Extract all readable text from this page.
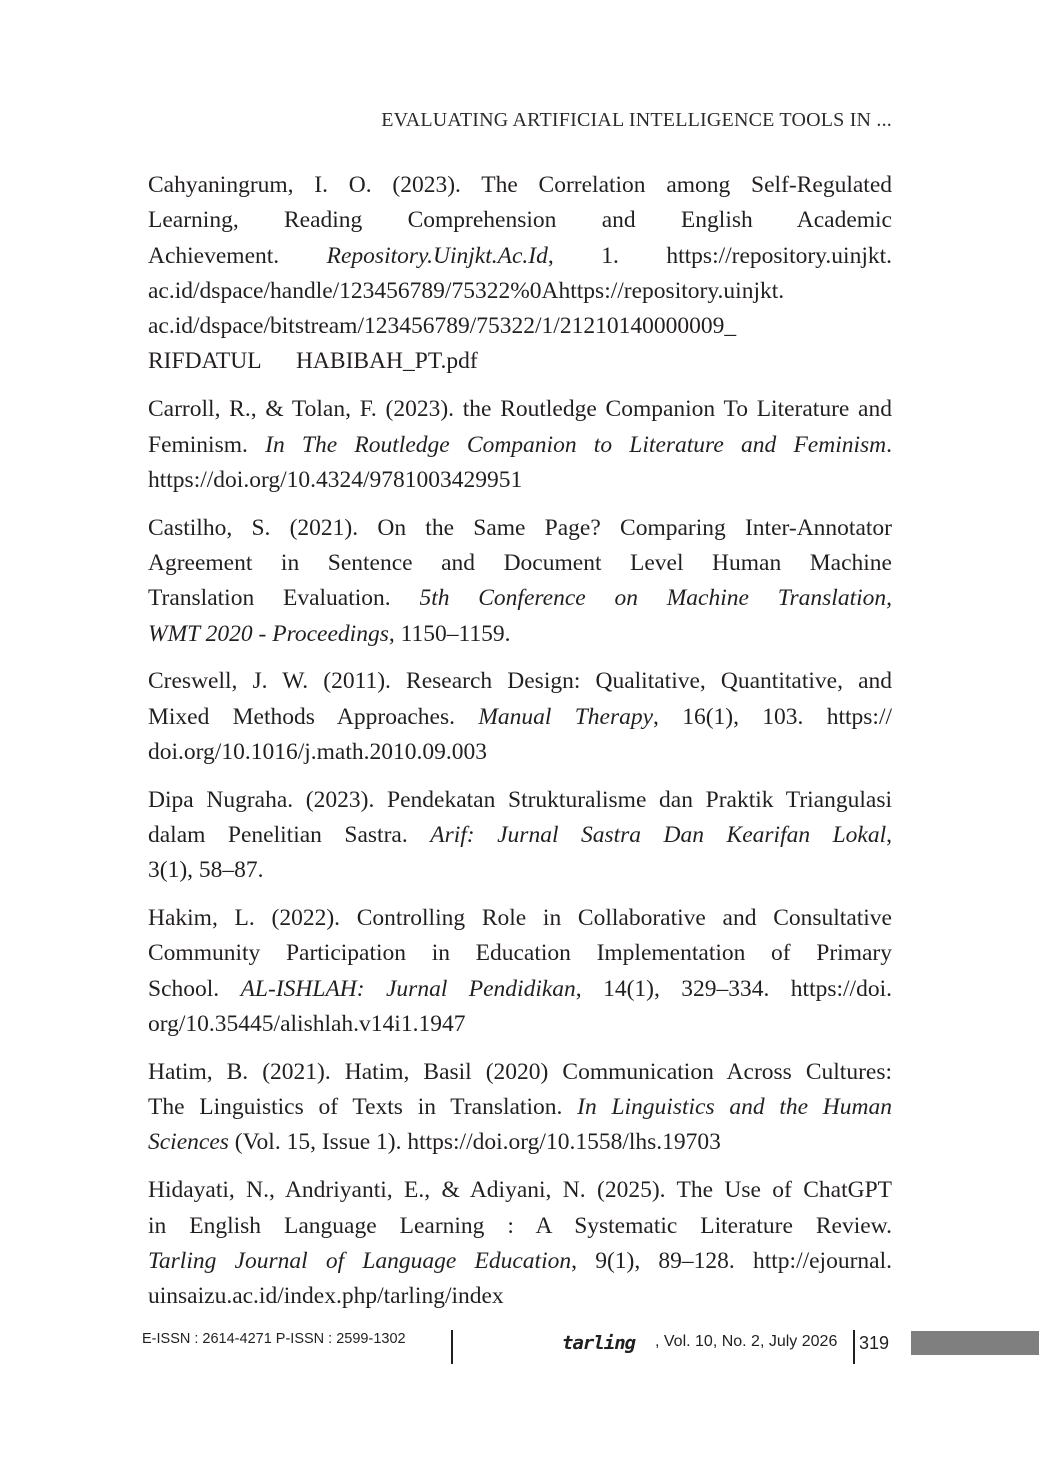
EVALUATING ARTIFICIAL INTELLIGENCE TOOLS IN ...
Cahyaningrum, I. O. (2023). The Correlation among Self-Regulated
Learning, Reading Comprehension and English Academic
Achievement. Repository.Uinjkt.Ac.Id, 1. https://repository.uinjkt.
ac.id/dspace/handle/123456789/75322%0Ahttps://repository.uinjkt.
ac.id/dspace/bitstream/123456789/75322/1/21210140000009_
RIFDATUL      HABIBAH_PT.pdf
Carroll, R., & Tolan, F. (2023). the Routledge Companion To Literature and
Feminism. In The Routledge Companion to Literature and Feminism.
https://doi.org/10.4324/9781003429951
Castilho, S. (2021). On the Same Page? Comparing Inter-Annotator
Agreement in Sentence and Document Level Human Machine
Translation Evaluation. 5th Conference on Machine Translation,
WMT 2020 - Proceedings, 1150–1159.
Creswell, J. W. (2011). Research Design: Qualitative, Quantitative, and
Mixed Methods Approaches. Manual Therapy, 16(1), 103. https://
doi.org/10.1016/j.math.2010.09.003
Dipa Nugraha. (2023). Pendekatan Strukturalisme dan Praktik Triangulasi
dalam Penelitian Sastra. Arif: Jurnal Sastra Dan Kearifan Lokal,
3(1), 58–87.
Hakim, L. (2022). Controlling Role in Collaborative and Consultative
Community Participation in Education Implementation of Primary
School. AL-ISHLAH: Jurnal Pendidikan, 14(1), 329–334. https://doi.
org/10.35445/alishlah.v14i1.1947
Hatim, B. (2021). Hatim, Basil (2020) Communication Across Cultures:
The Linguistics of Texts in Translation. In Linguistics and the Human
Sciences (Vol. 15, Issue 1). https://doi.org/10.1558/lhs.19703
Hidayati, N., Andriyanti, E., & Adiyani, N. (2025). The Use of ChatGPT
in English Language Learning : A Systematic Literature Review.
Tarling Journal of Language Education, 9(1), 89–128. http://ejournal.
uinsaizu.ac.id/index.php/tarling/index
E-ISSN : 2614-4271 P-ISSN : 2599-1302	tarling , Vol. 10, No. 2, July 2026 319
